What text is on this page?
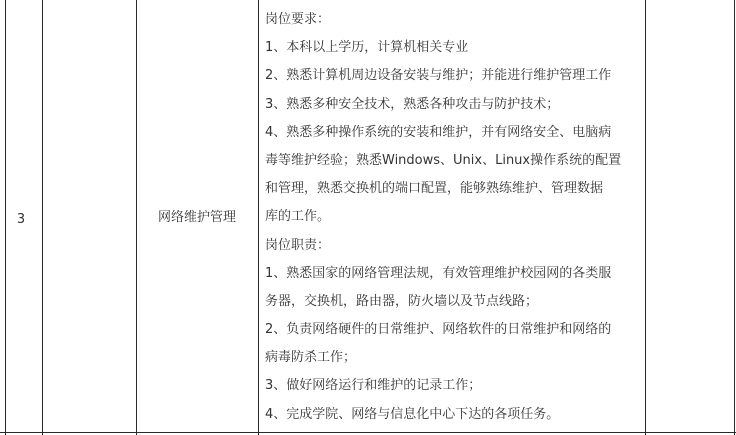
3	网络维护管理
岗位要求：
1、本科以上学历，计算机相关专业
2、熟悉计算机周边设备安装与维护；并能进行维护管理工作
3、熟悉多种安全技术，熟悉各种攻击与防护技术；
4、熟悉多种操作系统的安装和维护，并有网络安全、电脑病
毒等维护经验；熟悉Windows、Unix、Linux操作系统的配置
和管理，熟悉交换机的端口配置，能够熟练维护、管理数据
库的工作。
岗位职责：
1、熟悉国家的网络管理法规，有效管理维护校园网的各类服
务器，交换机，路由器，防火墙以及节点线路；
2、负责网络硬件的日常维护、网络软件的日常维护和网络的
病毒防杀工作；
3、做好网络运行和维护的记录工作；
4、完成学院、网络与信息化中心下达的各项任务。
